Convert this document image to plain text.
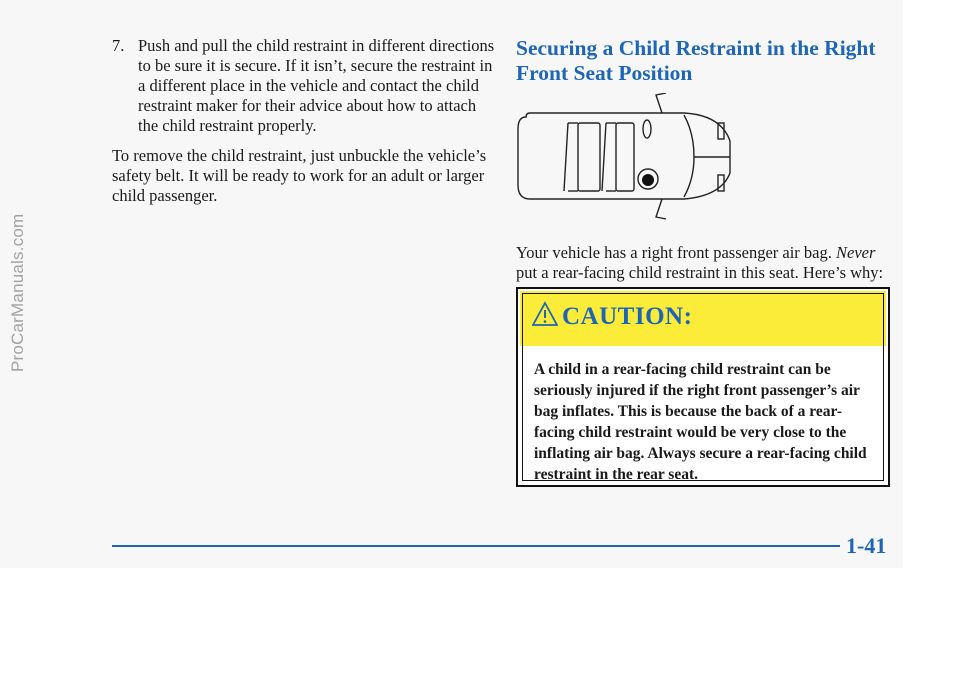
ProCarManuals.com
7. Push and pull the child restraint in different directions to be sure it is secure. If it isn’t, secure the restraint in a different place in the vehicle and contact the child restraint maker for their advice about how to attach the child restraint properly.

To remove the child restraint, just unbuckle the vehicle’s safety belt. It will be ready to work for an adult or larger child passenger.

Securing a Child Restraint in the Right
Front Seat Position

Your vehicle has a right front passenger air bag. Never put a rear-facing child restraint in this seat. Here’s why:

CAUTION:

A child in a rear-facing child restraint can be seriously injured if the right front passenger’s air bag inflates. This is because the back of a rear-facing child restraint would be very close to the inflating air bag. Always secure a rear-facing child restraint in the rear seat.

1-41
